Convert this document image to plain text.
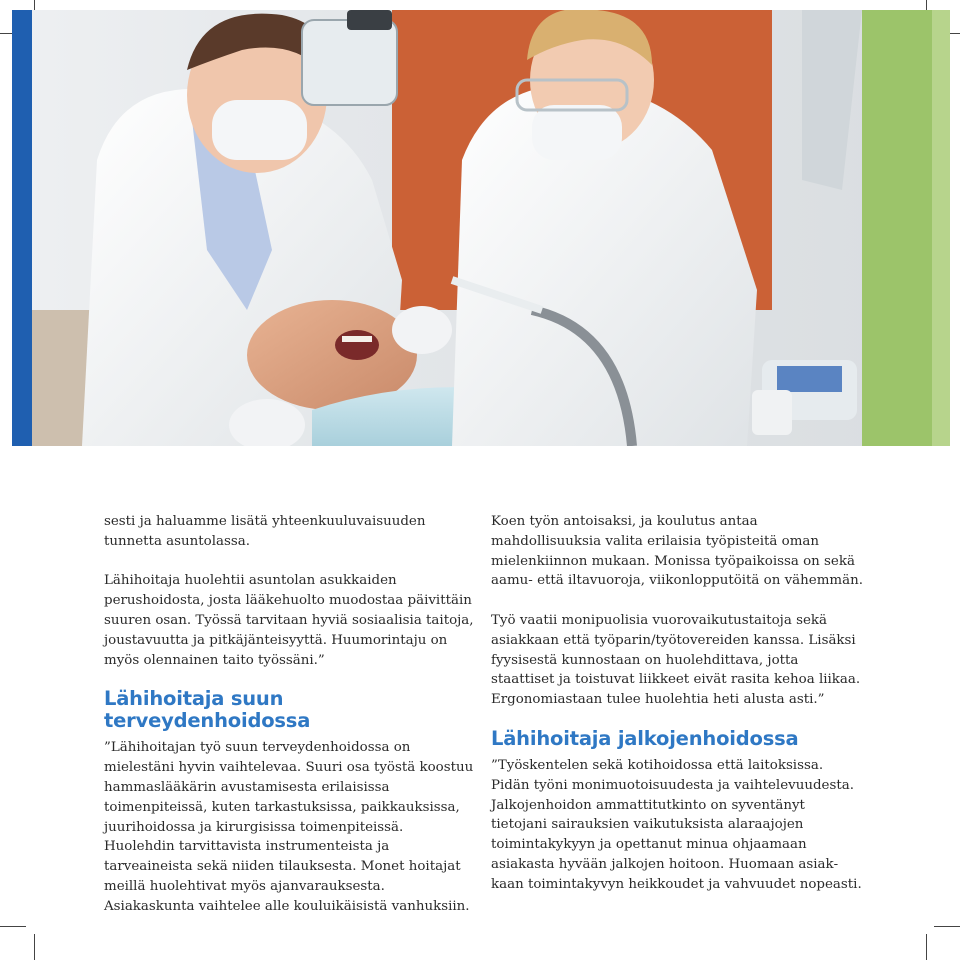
sesti ja haluamme lisätä yhteenkuuluvaisuuden tunnetta asuntolassa.

Lähihoitaja huolehtii asuntolan asukkaiden perushoidosta, josta lääkehuolto muodostaa päivittäin suuren osan. Työssä tarvitaan hyviä sosiaalisia taitoja, joustavuutta ja pitkäjänteisyyttä. Huumorintaju on myös olennainen taito työssäni.”

Lähihoitaja suun terveydenhoidossa

”Lähihoitajan työ suun terveydenhoidossa on mielestäni hyvin vaihtelevaa. Suuri osa työstä koostuu hammaslääkärin avustamisesta erilaisissa toimenpiteissä, kuten tarkastuksissa, paikkauksissa, juurihoidossa ja kirurgisissa toimenpiteissä. Huolehdin tarvittavista instrumenteista ja tarveaineista sekä niiden tilauksesta. Monet hoitajat meillä huolehtivat myös ajanvarauksesta. Asiakaskunta vaihtelee alle kouluikäisistä vanhuksiin.

Koen työn antoisaksi, ja koulutus antaa mahdollisuuksia valita erilaisia työpisteitä oman mielenkiinnon mukaan. Monissa työpaikoissa on sekä aamu- että iltavuoroja, viikonlopputöitä on vähemmän.

Työ vaatii monipuolisia vuorovaikutustaitoja sekä asiakkaan että työparin/työtovereiden kanssa. Lisäksi fyysisestä kunnostaan on huolehdittava, jotta staattiset ja toistuvat liikkeet eivät rasita kehoa liikaa. Ergonomiastaan tulee huolehtia heti alusta asti.”

Lähihoitaja jalkojenhoidossa

”Työskentelen sekä kotihoidossa että laitoksissa. Pidän työni monimuotoisuudesta ja vaihtelevuudesta. Jalkojenhoidon ammattitutkinto on syventänyt tietojani sairauksien vaikutuksista alaraajojen toimintakykyyn ja opettanut minua ohjaamaan asiakasta hyvään jalkojen hoitoon. Huomaan asiakkaan toimintakyvyn heikkoudet ja vahvuudet nopeasti.
